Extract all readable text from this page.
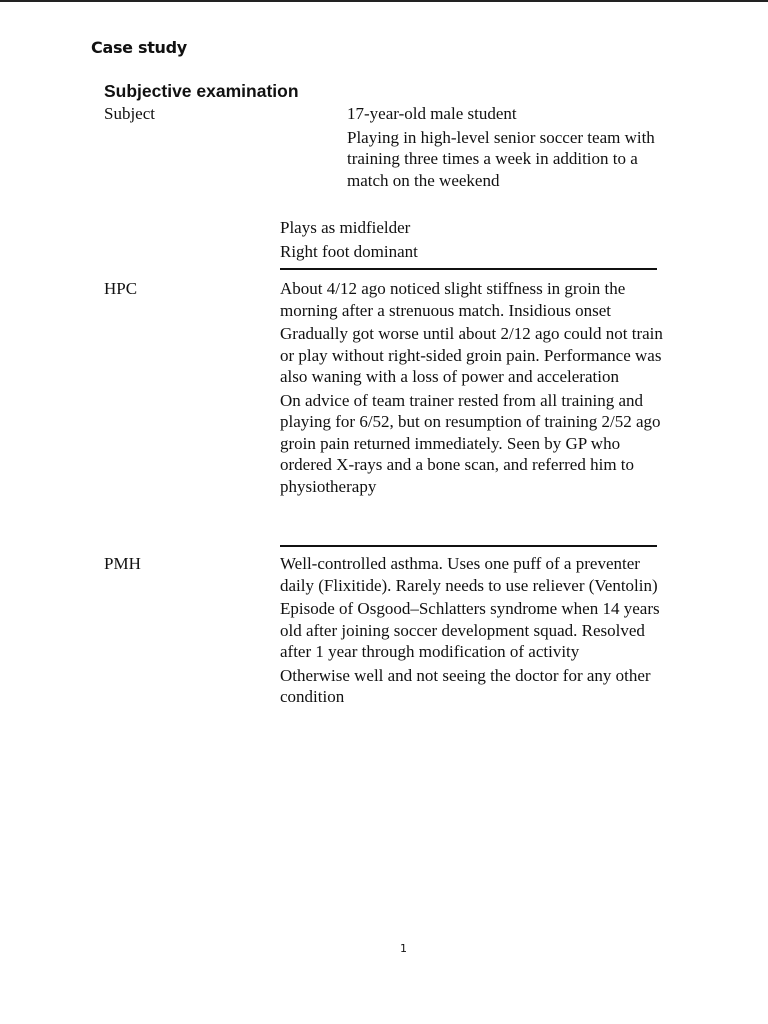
Case study
Subjective examination
Subject	17-year-old male student

Playing in high-level senior soccer team with training three times a week in addition to a match on the weekend

Plays as midfielder

Right foot dominant

HPC	About 4/12 ago noticed slight stiffness in groin the morning after a strenuous match. Insidious onset

Gradually got worse until about 2/12 ago could not train or play without right-sided groin pain. Performance was also waning with a loss of power and acceleration

On advice of team trainer rested from all training and playing for 6/52, but on resumption of training 2/52 ago groin pain returned immediately. Seen by GP who ordered X-rays and a bone scan, and referred him to physiotherapy

PMH	Well-controlled asthma. Uses one puff of a preventer daily (Flixitide). Rarely needs to use reliever (Ventolin)

Episode of Osgood–Schlatters syndrome when 14 years old after joining soccer development squad. Resolved after 1 year through modification of activity

Otherwise well and not seeing the doctor for any other condition

1
